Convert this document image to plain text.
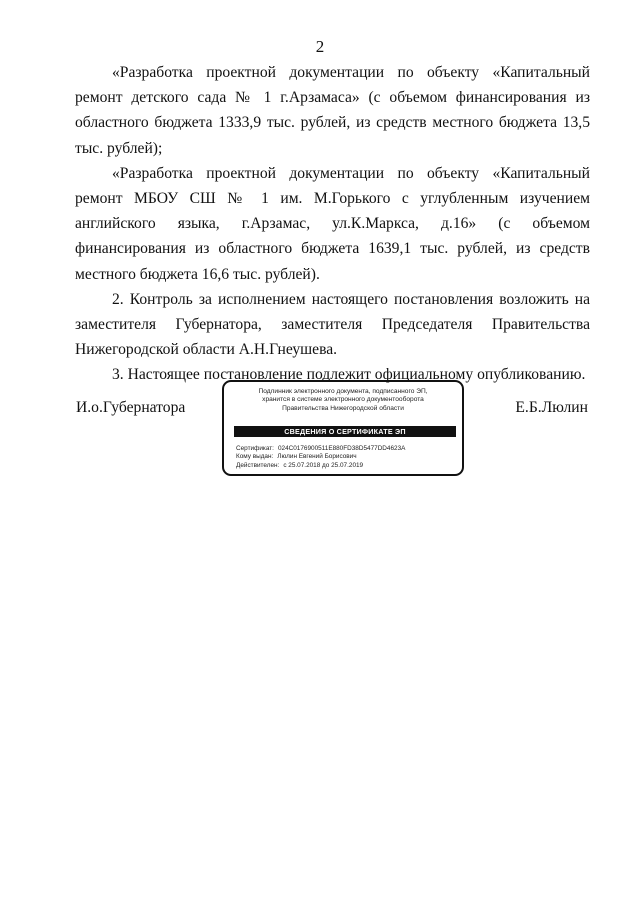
2

«Разработка проектной документации по объекту «Капитальный ремонт детского сада № 1 г.Арзамаса» (с объемом финансирования из областного бюджета 1333,9 тыс. рублей, из средств местного бюджета 13,5 тыс. рублей);

«Разработка проектной документации по объекту «Капитальный ремонт МБОУ СШ № 1 им. М.Горького с углубленным изучением английского языка, г.Арзамас, ул.К.Маркса, д.16» (с объемом финансирования из областного бюджета 1639,1 тыс. рублей, из средств местного бюджета 16,6 тыс. рублей).

2. Контроль за исполнением настоящего постановления возложить на заместителя Губернатора, заместителя Председателя Правительства Нижегородской области А.Н.Гнеушева.

3. Настоящее постановление подлежит официальному опубликованию.

И.о.Губернатора	Е.Б.Люлин
Подлинник электронного документа, подписанного ЭП,
хранится в системе электронного документооборота
Правительства Нижегородской области
СВЕДЕНИЯ О СЕРТИФИКАТЕ ЭП
Сертификат: 024C0176900511E880FD38D5477DD4623A
Кому выдан: Люлин Евгений Борисович
Действителен: с 25.07.2018 до 25.07.2019
